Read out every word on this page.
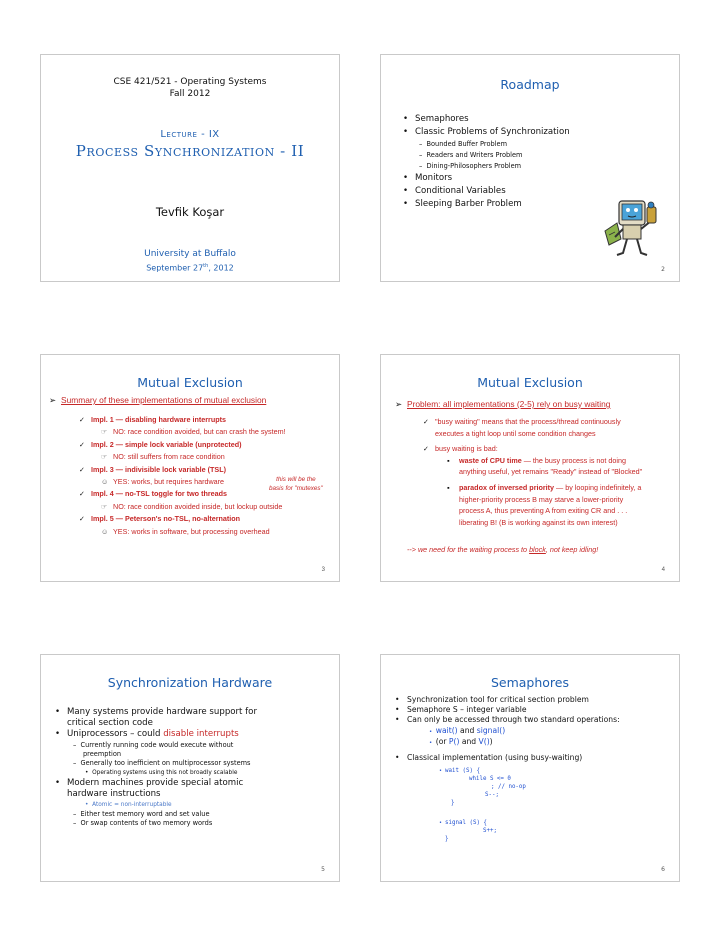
CSE 421/521 - Operating Systems
Fall 2012
Lecture - IX
Process Synchronization - II
Tevfik Koşar
University at Buffalo
September 27th, 2012
Roadmap
• Semaphores
• Classic Problems of Synchronization
–  Bounded Buffer Problem
–  Readers and Writers Problem
–  Dining-Philosophers Problem
• Monitors
• Conditional Variables
• Sleeping Barber Problem
2
Mutual Exclusion
➢ Summary of these implementations of mutual exclusion
✓ Impl. 1 — disabling hardware interrupts
☞ NO: race condition avoided, but can crash the system!
✓ Impl. 2 — simple lock variable (unprotected)
☞ NO: still suffers from race condition
✓ Impl. 3 — indivisible lock variable (TSL)
☺ YES: works, but requires hardware
✓ Impl. 4 — no-TSL toggle for two threads
☞ NO: race condition avoided inside, but lockup outside
✓ Impl. 5 — Peterson's no-TSL, no-alternation
☺ YES: works in software, but processing overhead
this will be the
basis for "mutexes"
3
Mutual Exclusion
➢ Problem: all implementations (2-5) rely on busy waiting
✓ "busy waiting" means that the process/thread continuously
executes a tight loop until some condition changes
✓ busy waiting is bad:
▪ waste of CPU time — the busy process is not doing
anything useful, yet remains "Ready" instead of "Blocked"
▪ paradox of inversed priority — by looping indefinitely, a
higher-priority process B may starve a lower-priority
process A, thus preventing A from exiting CR and . . .
liberating B! (B is working against its own interest)
--> we need for the waiting process to block, not keep idling!
4
Synchronization Hardware
• Many systems provide hardware support for
critical section code
• Uniprocessors – could disable interrupts
–  Currently running code would execute without
preemption
–  Generally too inefficient on multiprocessor systems
•  Operating systems using this not broadly scalable
• Modern machines provide special atomic
hardware instructions
•  Atomic = non-interruptable
–  Either test memory word and set value
–  Or swap contents of two memory words
5
Semaphores
• Synchronization tool for critical section problem
• Semaphore S – integer variable
• Can only be accessed through two standard operations:
•  wait() and signal()
•  (or P() and V())
• Classical implementation (using busy-waiting)
• wait (S) {
while S <= 0
; // no-op
S--;
}
• signal (S) {
S++;
}
6
